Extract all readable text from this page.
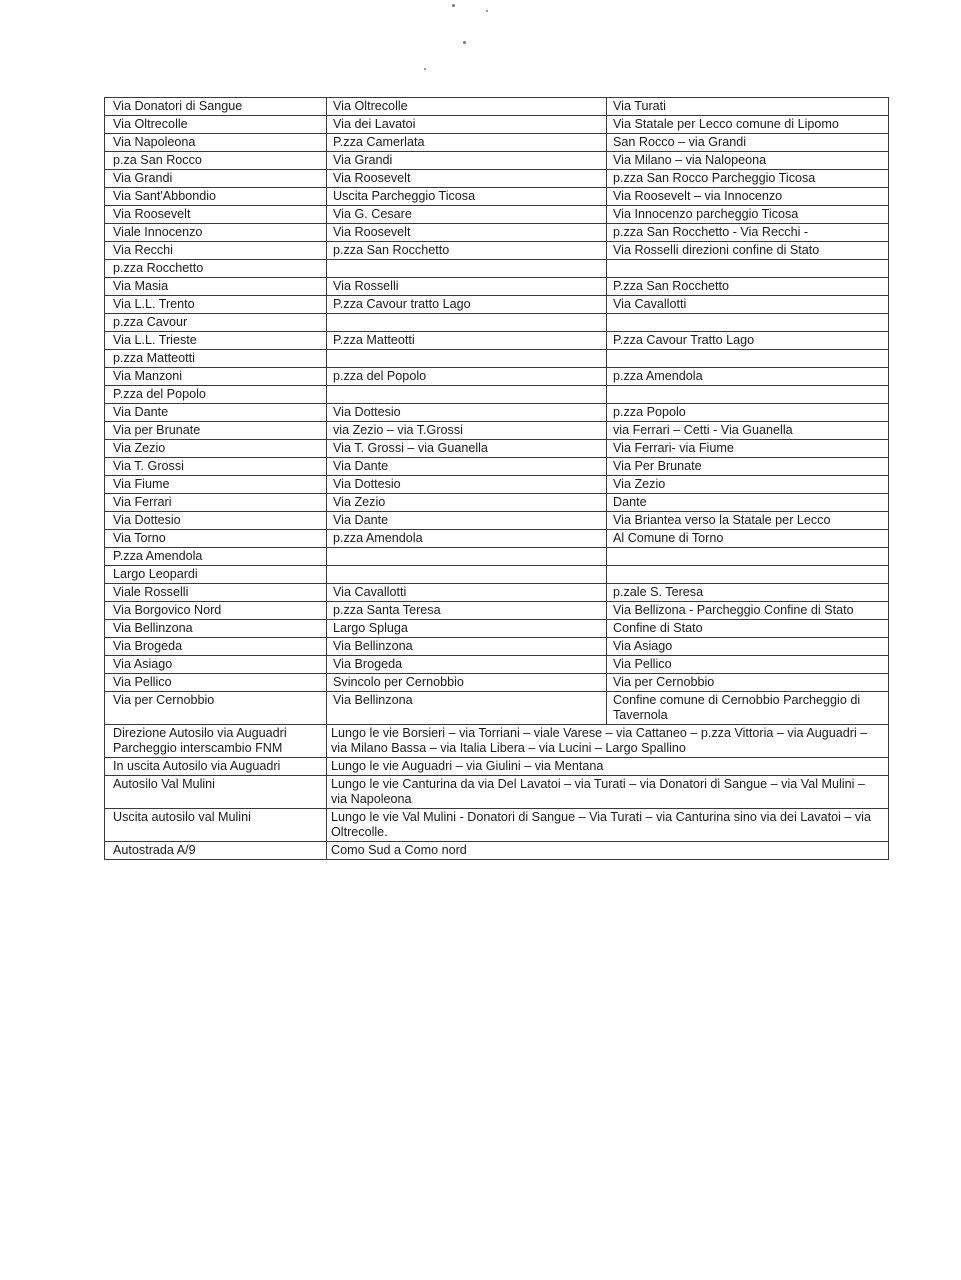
Via Donatori di Sangue	Via Oltrecolle	Via Turati
Via Oltrecolle	Via dei Lavatoi	Via Statale per Lecco comune di Lipomo
Via Napoleona	P.zza Camerlata	San Rocco – via Grandi
p.za San Rocco	Via Grandi	Via Milano – via Nalopeona
Via Grandi	Via Roosevelt	p.zza San Rocco Parcheggio Ticosa
Via Sant'Abbondio	Uscita Parcheggio Ticosa	Via Roosevelt – via Innocenzo
Via Roosevelt	Via G. Cesare	Via Innocenzo parcheggio Ticosa
Viale Innocenzo	Via Roosevelt	p.zza San Rocchetto - Via Recchi -
Via Recchi	p.zza San Rocchetto	Via Rosselli direzioni confine di Stato
p.zza Rocchetto		
Via Masia	Via Rosselli	P.zza San Rocchetto
Via L.L. Trento	P.zza Cavour tratto Lago	Via Cavallotti
p.zza Cavour		
Via L.L. Trieste	P.zza Matteotti	P.zza Cavour Tratto Lago
p.zza Matteotti		
Via Manzoni	p.zza del Popolo	p.zza Amendola
P.zza del Popolo		
Via Dante	Via Dottesio	p.zza Popolo
Via per Brunate	via Zezio – via T.Grossi	via Ferrari – Cetti - Via Guanella
Via Zezio	Via T. Grossi – via Guanella	Via Ferrari- via Fiume
Via T. Grossi	Via Dante	Via Per Brunate
Via Fiume	Via Dottesio	Via Zezio
Via Ferrari	Via Zezio	Dante
Via Dottesio	Via Dante	Via Briantea verso la Statale per Lecco
Via Torno	p.zza Amendola	Al Comune di Torno
P.zza Amendola		
Largo Leopardi		
Viale Rosselli	Via Cavallotti	p.zale S. Teresa
Via Borgovico Nord	p.zza Santa Teresa	Via Bellizona - Parcheggio Confine di Stato
Via Bellinzona	Largo Spluga	Confine di Stato
Via Brogeda	Via Bellinzona	Via Asiago
Via Asiago	Via Brogeda	Via Pellico
Via Pellico	Svincolo per Cernobbio	Via per Cernobbio
Via per Cernobbio	Via Bellinzona	Confine comune di Cernobbio Parcheggio di Tavernola
Direzione Autosilo via Auguadri Parcheggio interscambio FNM	Lungo le vie Borsieri – via Torriani – viale Varese – via Cattaneo – p.zza Vittoria – via Auguadri – via Milano Bassa – via Italia Libera – via Lucini – Largo Spallino	
In uscita Autosilo via Auguadri	Lungo le vie Auguadri – via Giulini – via Mentana	
Autosilo Val Mulini	Lungo le vie Canturina da via Del Lavatoi – via Turati – via Donatori di Sangue – via Val Mulini – via Napoleona	
Uscita autosilo val Mulini	Lungo le vie Val Mulini - Donatori di Sangue – Via Turati – via Canturina sino via dei Lavatoi – via Oltrecolle.	
Autostrada A/9	Como Sud a Como nord	
